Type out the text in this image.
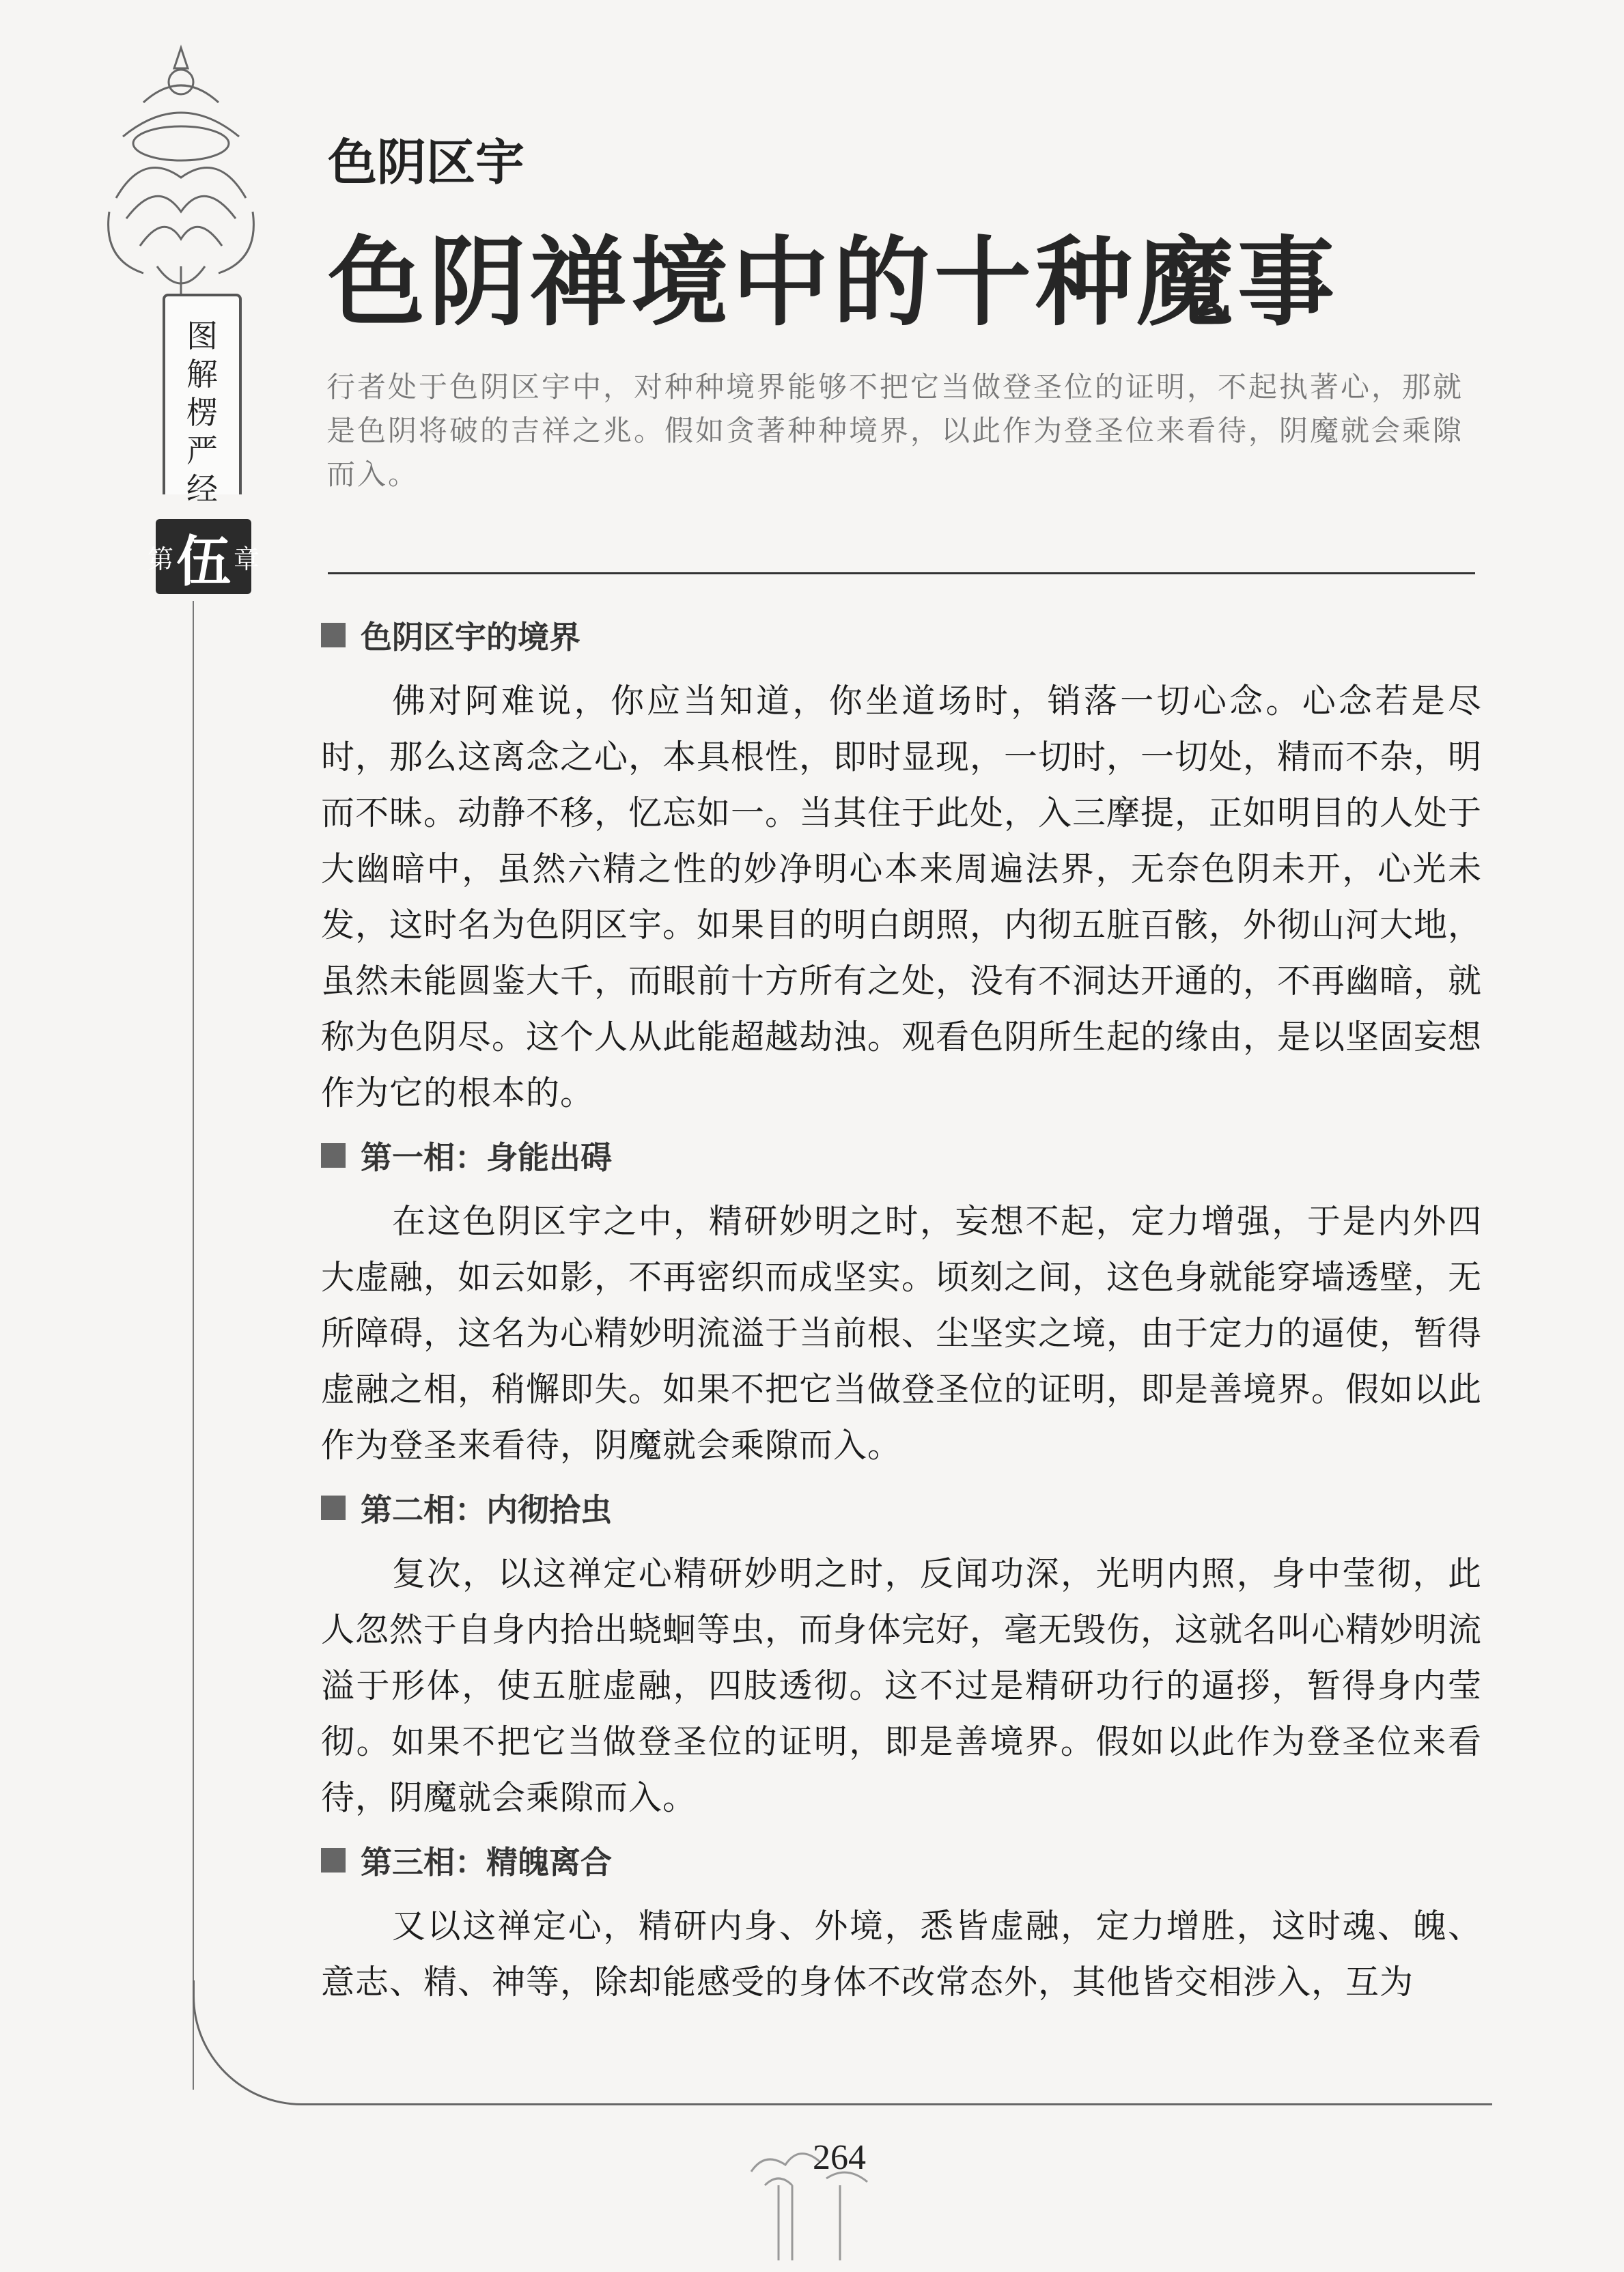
图解楞严经
第 伍 章
色阴区宇
色阴禅境中的十种魔事
行者处于色阴区宇中，对种种境界能够不把它当做登圣位的证明，不起执著心，那就是色阴将破的吉祥之兆。假如贪著种种境界，以此作为登圣位来看待，阴魔就会乘隙而入。
色阴区宇的境界

佛对阿难说，你应当知道，你坐道场时，销落一切心念。心念若是尽时，那么这离念之心，本具根性，即时显现，一切时，一切处，精而不杂，明而不昧。动静不移，忆忘如一。当其住于此处，入三摩提，正如明目的人处于大幽暗中，虽然六精之性的妙净明心本来周遍法界，无奈色阴未开，心光未发，这时名为色阴区宇。如果目的明白朗照，内彻五脏百骸，外彻山河大地，虽然未能圆鉴大千，而眼前十方所有之处，没有不洞达开通的，不再幽暗，就称为色阴尽。这个人从此能超越劫浊。观看色阴所生起的缘由，是以坚固妄想作为它的根本的。

第一相：身能出碍

在这色阴区宇之中，精研妙明之时，妄想不起，定力增强，于是内外四大虚融，如云如影，不再密织而成坚实。顷刻之间，这色身就能穿墙透壁，无所障碍，这名为心精妙明流溢于当前根、尘坚实之境，由于定力的逼使，暂得虚融之相，稍懈即失。如果不把它当做登圣位的证明，即是善境界。假如以此作为登圣来看待，阴魔就会乘隙而入。

第二相：内彻拾虫

复次，以这禅定心精研妙明之时，反闻功深，光明内照，身中莹彻，此人忽然于自身内拾出蛲蛔等虫，而身体完好，毫无毁伤，这就名叫心精妙明流溢于形体，使五脏虚融，四肢透彻。这不过是精研功行的逼拶，暂得身内莹彻。如果不把它当做登圣位的证明，即是善境界。假如以此作为登圣位来看待，阴魔就会乘隙而入。

第三相：精魄离合

又以这禅定心，精研内身、外境，悉皆虚融，定力增胜，这时魂、魄、意志、精、神等，除却能感受的身体不改常态外，其他皆交相涉入，互为

264
